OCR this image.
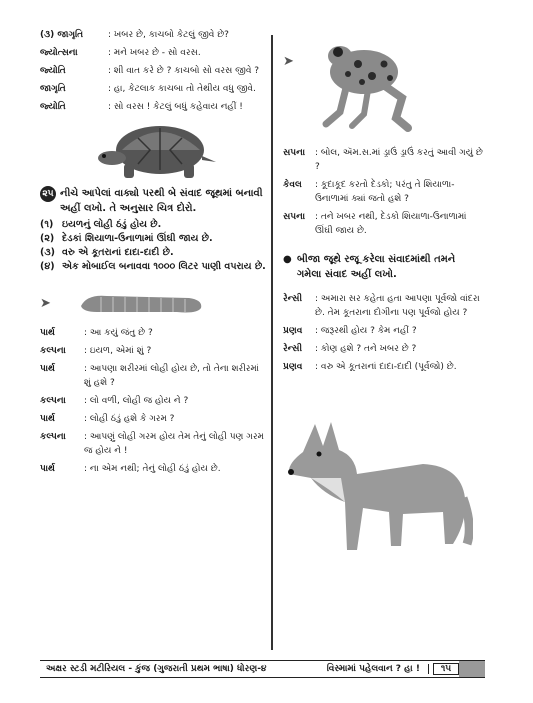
(૩) જાગૃતિ	: ખબર છે, કાચબો કેટલું જીવે છે?
જ્યોત્સના	: મને ખબર છે - સો વરસ.
જ્યોતિ	: શી વાત કરે છે ? કાચબો સો વરસ જીવે ?
જાગૃતિ	: હા, કેટલાક કાચબા તો તેથીય વધુ જીવે.
જ્યોતિ	: સો વરસ ! કેટલું બધું કહેવાય નહીં !
૨૫ નીચે આપેલાં વાક્યો પરથી બે સંવાદ જૂથમાં બનાવી અહીં લખો. તે અનુસાર ચિત્ર દોરો.
(૧) ઇયળનું લોહી ઠંડું હોય છે.
(૨) દેડકાં શિયાળા-ઉનાળામાં ઊંઘી જાય છે.
(૩) વરુ એ કૂતરાનાં દાદા-દાદી છે.
(૪) એક મોબાઈલ બનાવવા ૧૦૦૦ લિટર પાણી વપરાય છે.
➤
પાર્થ	: આ કયું જંતુ છે ?
કલ્પના	: ઇયળ, એમાં શું ?
પાર્થ	: આપણા શરીરમાં લોહી હોય છે, તો તેના શરીરમાં શું હશે ?
કલ્પના	: લો વળી, લોહી જ હોય ને ?
પાર્થ	: લોહી ઠંડું હશે કે ગરમ ?
કલ્પના	: આપણું લોહી ગરમ હોય તેમ તેનું લોહી પણ ગરમ જ હોય ને !
પાર્થ	: ના એમ નથી; તેનું લોહી ઠંડું હોય છે.
➤
સપના	: બોલ, ઍમ.સ.માં ડ્રાઉં ડ્રાઉં કરતું આવી ગયું છે ?
કેવલ	: કૂદાકૂદ કરતો દેડકો; પરંતુ તે શિયાળા-ઉનાળામાં ક્યાં જતો હશે ?
સપના	: તને ખબર નથી, દેડકો શિયાળા-ઉનાળામાં ઊંઘી જાય છે.
● બીજા જૂથે રજૂ કરેલા સંવાદમાંથી તમને ગમેલા સંવાદ અહીં લખો.
રેન્સી	: અમારા સર કહેતા હતા આપણા પૂર્વજો વાંદરા છે. તેમ કૂતરાના દોગીના પણ પૂર્વજો હોય ?
પ્રણવ	: જરૂરથી હોય ? કેમ નહીં ?
રેન્સી	: કોણ હશે ? તને ખબર છે ?
પ્રણવ	: વરુ એ કૂતરાનાં દાદા-દાદી (પૂર્વજો) છે.
અક્ષર સ્ટડી મટીરિયલ - કુંજ (ગુજરાતી પ્રથમ ભાષા) ધોરણ-૪	વિસ્મામાં પહેલવાન ? હા !	૧૫
